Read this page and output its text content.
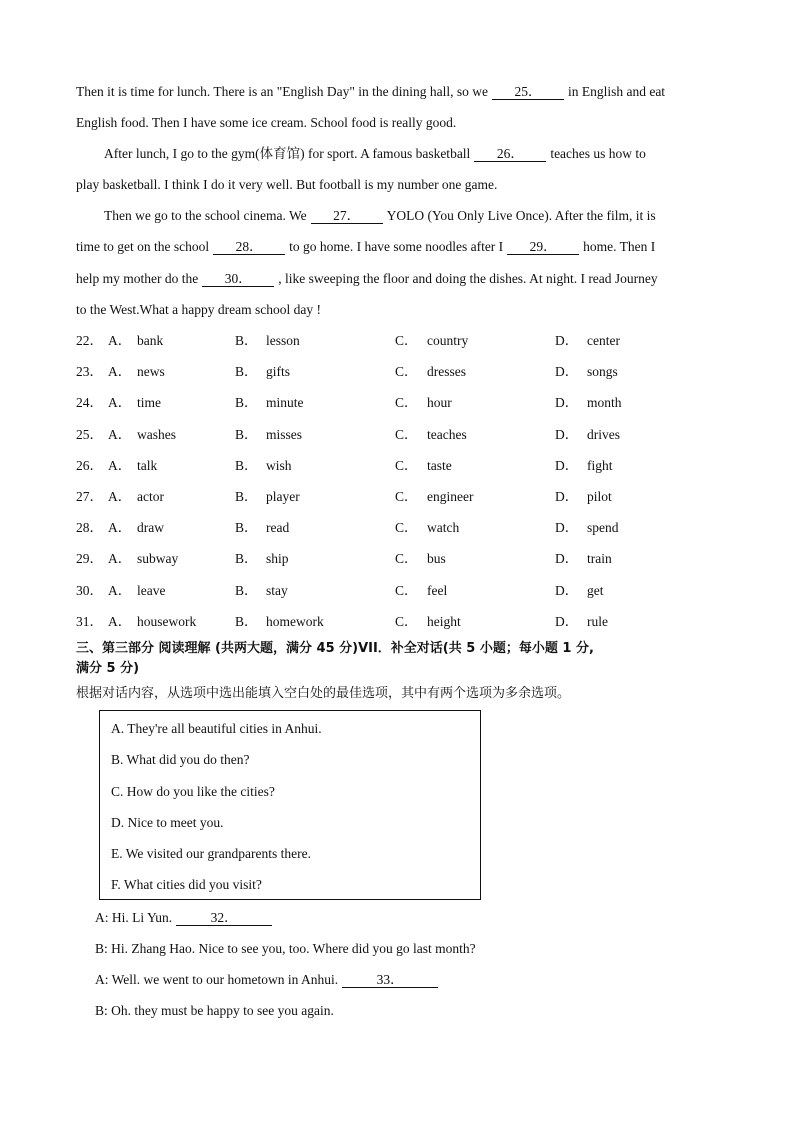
Then it is time for lunch. There is an "English Day" in the dining hall, so we 25． in English and eat
English food. Then I have some ice cream. School food is really good.
After lunch, I go to the gym(体育馆) for sport. A famous basketball 26． teaches us how to
play basketball. I think I do it very well. But football is my number one game.
Then we go to the school cinema. We 27． YOLO (You Only Live Once). After the film, it is
time to get on the school 28． to go home. I have some noodles after I 29． home. Then I
help my mother do the 30． , like sweeping the floor and doing the dishes. At night. I read Journey
to the West.What a happy dream school day !
22． A． bank	B． lesson	C． country	D． center
23． A． news	B． gifts	C． dresses	D． songs
24． A． time	B． minute	C． hour	D． month
25． A． washes	B． misses	C． teaches	D． drives
26． A． talk	B． wish	C． taste	D． fight
27． A． actor	B． player	C． engineer	D． pilot
28． A． draw	B． read	C． watch	D． spend
29． A． subway	B． ship	C． bus	D． train
30． A． leave	B． stay	C． feel	D． get
31． A． housework	B． homework	C． height	D． rule
三、第三部分 阅读理解 (共两大题，满分 45 分)VII．补全对话(共 5 小题；每小题 1 分,
满分 5 分)
根据对话内容，从选项中选出能填入空白处的最佳选项，其中有两个选项为多余选项。
A. They're all beautiful cities in Anhui.
B. What did you do then?
C. How do you like the cities?
D. Nice to meet you.
E. We visited our grandparents there.
F. What cities did you visit?
A: Hi. Li Yun.	32．
B: Hi. Zhang Hao. Nice to see you, too. Where did you go last month?
A: Well. we went to our hometown in Anhui.	33．
B: Oh. they must be happy to see you again.
